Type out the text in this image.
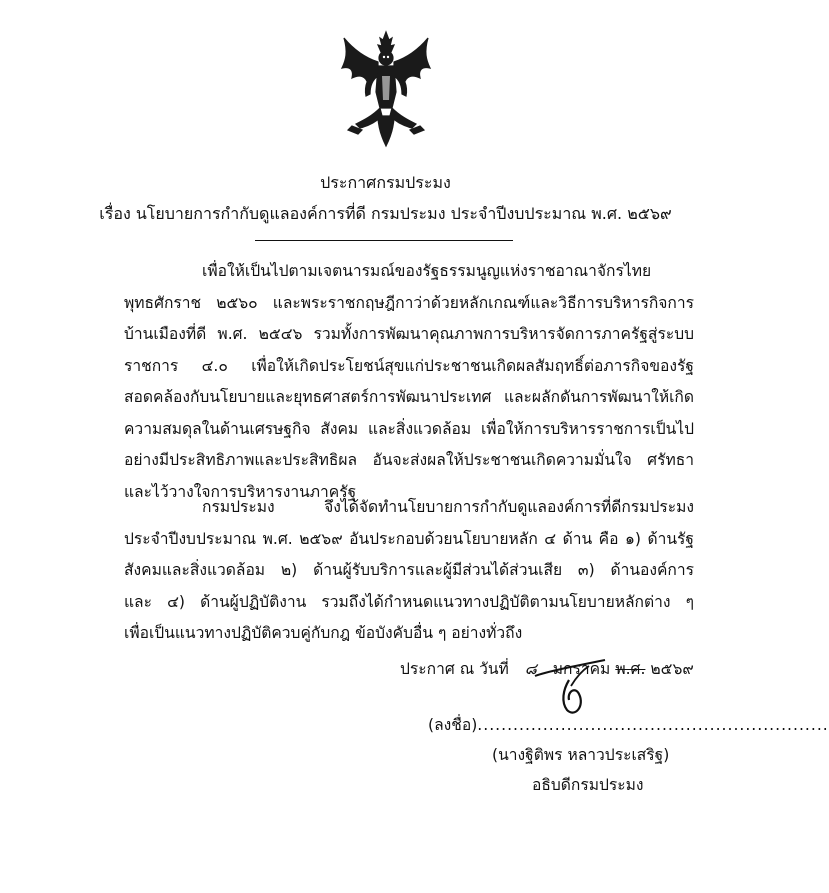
ประกาศกรมประมง
เรื่อง นโยบายการกำกับดูแลองค์การที่ดี กรมประมง ประจำปีงบประมาณ พ.ศ. ๒๕๖๙
เพื่อให้เป็นไปตามเจตนารมณ์ของรัฐธรรมนูญแห่งราชอาณาจักรไทย
พุทธศักราช ๒๕๖๐ และพระราชกฤษฎีกาว่าด้วยหลักเกณฑ์และวิธีการบริหารกิจการ
บ้านเมืองที่ดี พ.ศ. ๒๕๔๖ รวมทั้งการพัฒนาคุณภาพการบริหารจัดการภาครัฐสู่ระบบ
ราชการ ๔.๐ เพื่อให้เกิดประโยชน์สุขแก่ประชาชนเกิดผลสัมฤทธิ์ต่อภารกิจของรัฐ
สอดคล้องกับนโยบายและยุทธศาสตร์การพัฒนาประเทศ และผลักดันการพัฒนาให้เกิด
ความสมดุลในด้านเศรษฐกิจ สังคม และสิ่งแวดล้อม เพื่อให้การบริหารราชการเป็นไป
อย่างมีประสิทธิภาพและประสิทธิผล อันจะส่งผลให้ประชาชนเกิดความมั่นใจ ศรัทธา
และไว้วางใจการบริหารงานภาครัฐ
กรมประมง จึงได้จัดทำนโยบายการกำกับดูแลองค์การที่ดีกรมประมง
ประจำปีงบประมาณ พ.ศ. ๒๕๖๙ อันประกอบด้วยนโยบายหลัก ๔ ด้าน คือ ๑) ด้านรัฐ
สังคมและสิ่งแวดล้อม ๒) ด้านผู้รับบริการและผู้มีส่วนได้ส่วนเสีย ๓) ด้านองค์การ
และ ๔) ด้านผู้ปฏิบัติงาน รวมถึงได้กำหนดแนวทางปฏิบัติตามนโยบายหลักต่าง ๆ
เพื่อเป็นแนวทางปฏิบัติควบคู่กับกฎ ข้อบังคับอื่น ๆ อย่างทั่วถึง
ประกาศ ณ วันที่ ๘ มกราคม พ.ศ. ๒๕๖๙
(ลงชื่อ)...........................................................
(นางฐิติพร หลาวประเสริฐ)
อธิบดีกรมประมง
